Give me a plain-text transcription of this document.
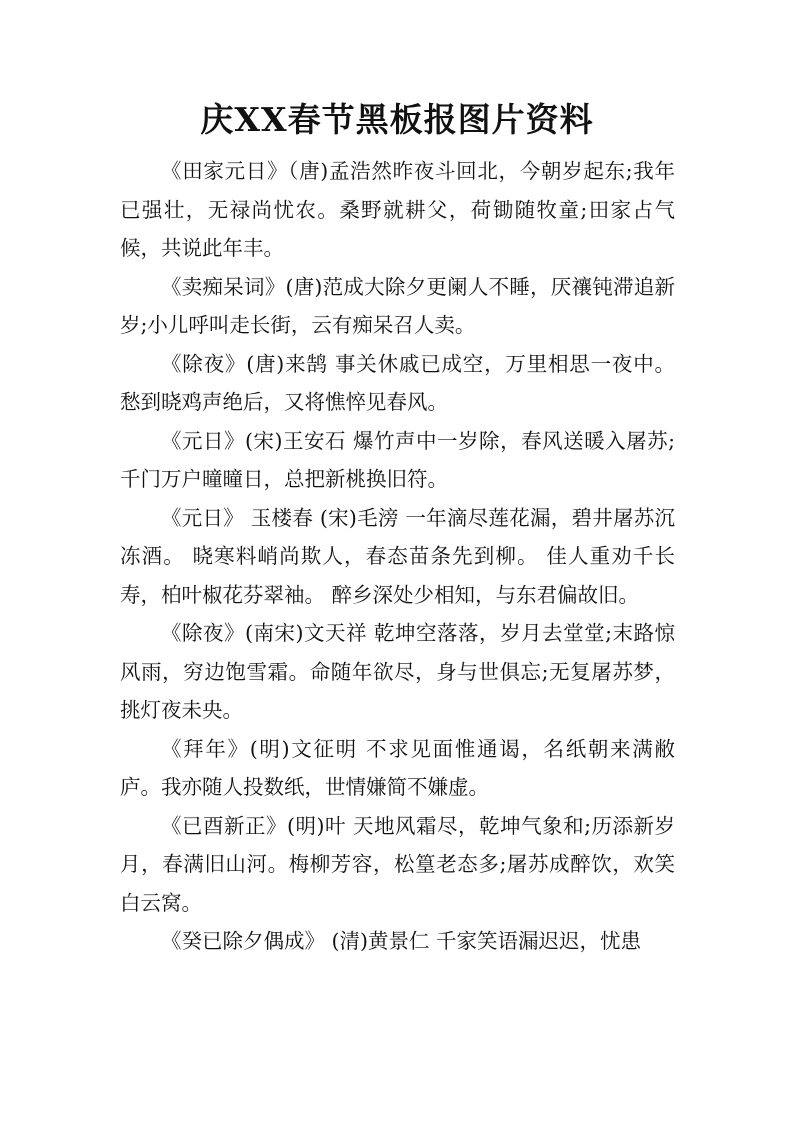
庆XX春节黑板报图片资料

《田家元日》（唐)孟浩然昨夜斗回北，今朝岁起东;我年已强壮，无禄尚忧农。桑野就耕父，荷锄随牧童;田家占气候，共说此年丰。

《卖痴呆词》(唐)范成大除夕更阑人不睡，厌禳钝滞追新岁;小儿呼叫走长街，云有痴呆召人卖。

《除夜》(唐)来鹄 事关休戚已成空，万里相思一夜中。愁到晓鸡声绝后，又将憔悴见春风。

《元日》(宋)王安石 爆竹声中一岁除，春风送暖入屠苏;千门万户曈曈日，总把新桃换旧符。

《元日》 玉楼春 (宋)毛滂 一年滴尽莲花漏，碧井屠苏沉冻酒。 晓寒料峭尚欺人，春态苗条先到柳。 佳人重劝千长寿，柏叶椒花芬翠袖。 醉乡深处少相知，与东君偏故旧。

《除夜》(南宋)文天祥 乾坤空落落，岁月去堂堂;末路惊风雨，穷边饱雪霜。命随年欲尽，身与世俱忘;无复屠苏梦，挑灯夜未央。

《拜年》(明)文征明 不求见面惟通谒，名纸朝来满敝庐。我亦随人投数纸，世情嫌简不嫌虚。

《已酉新正》(明)叶 天地风霜尽，乾坤气象和;历添新岁月，春满旧山河。梅柳芳容，松篁老态多;屠苏成醉饮，欢笑白云窝。

《癸已除夕偶成》 (清)黄景仁 千家笑语漏迟迟，忧患
